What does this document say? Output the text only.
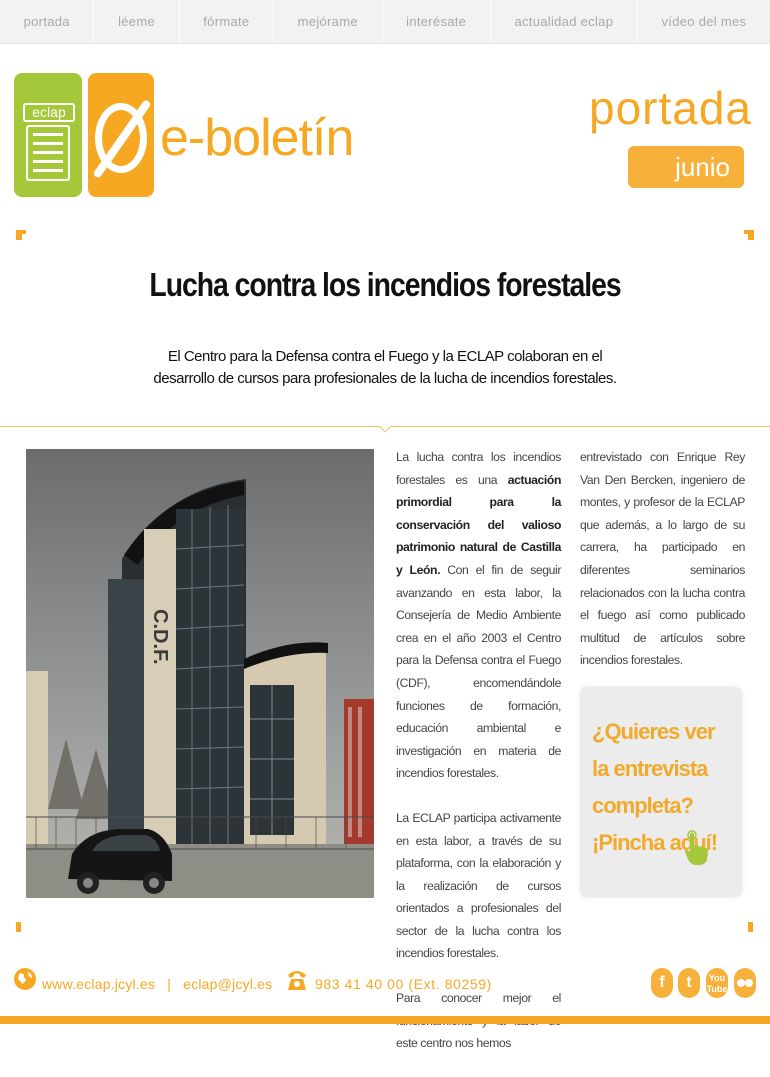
portada	léeme	fórmate	mejórame	interésate	actualidad eclap	vídeo del mes
eclap e-boletín
portada
junio
Lucha contra los incendios forestales

El Centro para la Defensa contra el Fuego y la ECLAP colaboran en el desarrollo de cursos para profesionales de la lucha de incendios forestales.

C.D.F.

La lucha contra los incendios forestales es una actuación primordial para la conservación del valioso patrimonio natural de Castilla y León. Con el fin de seguir avanzando en esta labor, la Consejería de Medio Ambiente crea en el año 2003 el Centro para la Defensa contra el Fuego (CDF), encomendándole funciones de formación, educación ambiental e investigación en materia de incendios forestales.

La ECLAP participa activamente en esta labor, a través de su plataforma, con la elaboración y la realización de cursos orientados a profesionales del sector de la lucha contra los incendios forestales.

Para conocer mejor el este centro nos hemos

entrevistado con Enrique Rey Van Den Bercken, ingeniero de montes, y profesor de la ECLAP que además, a lo largo de su carrera, ha participado en diferentes seminarios relacionados con la lucha contra el fuego así como publicado multitud de artículos sobre incendios forestales.

¿Quieres ver
la entrevista
completa?
¡Pincha aquí!
www.eclap.jcyl.es | eclap@jcyl.es	983 41 40 00 (Ext. 80259)	f	t	You
Tube
